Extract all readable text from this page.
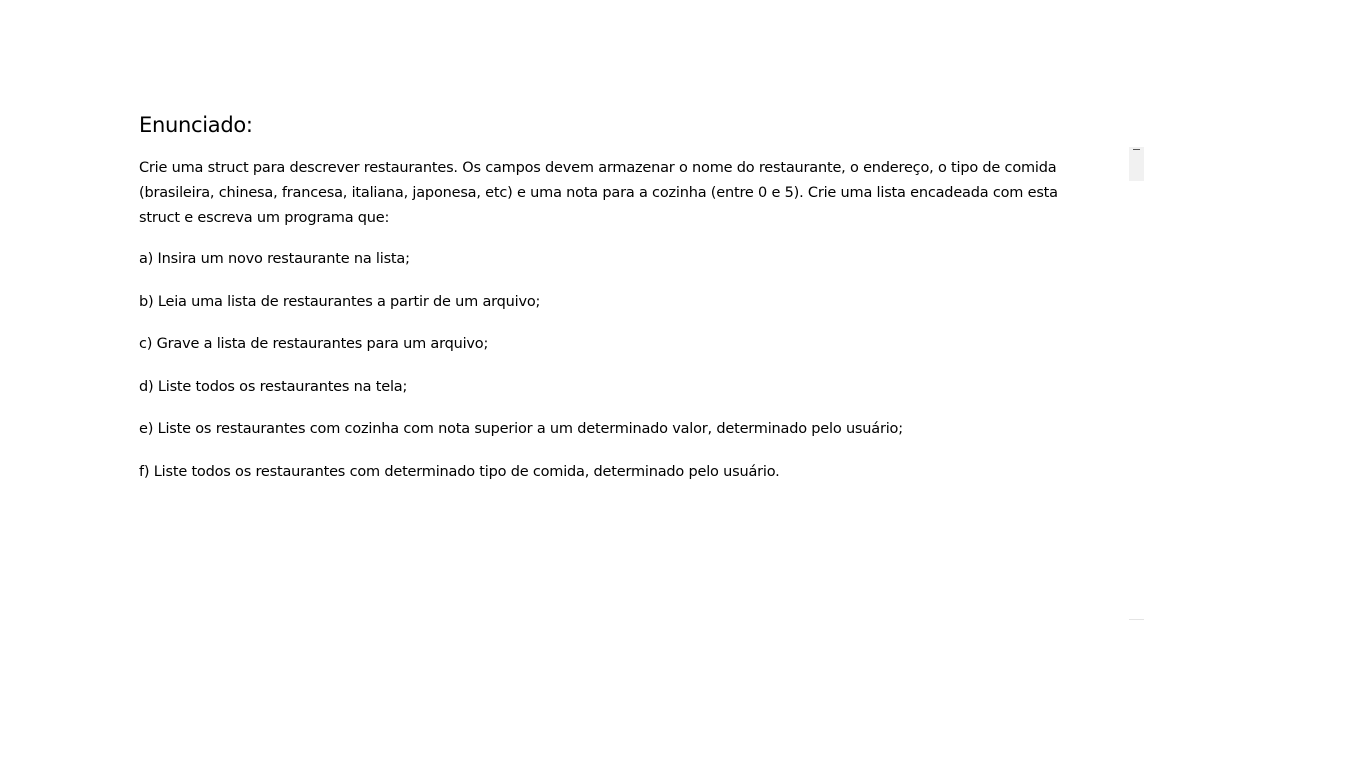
Enunciado:

Crie uma struct para descrever restaurantes. Os campos devem armazenar o nome do restaurante, o endereço, o tipo de comida (brasileira, chinesa, francesa, italiana, japonesa, etc) e uma nota para a cozinha (entre 0 e 5). Crie uma lista encadeada com esta struct e escreva um programa que:

a) Insira um novo restaurante na lista;
b) Leia uma lista de restaurantes a partir de um arquivo;
c) Grave a lista de restaurantes para um arquivo;
d) Liste todos os restaurantes na tela;
e) Liste os restaurantes com cozinha com nota superior a um determinado valor, determinado pelo usuário;
f) Liste todos os restaurantes com determinado tipo de comida, determinado pelo usuário.
